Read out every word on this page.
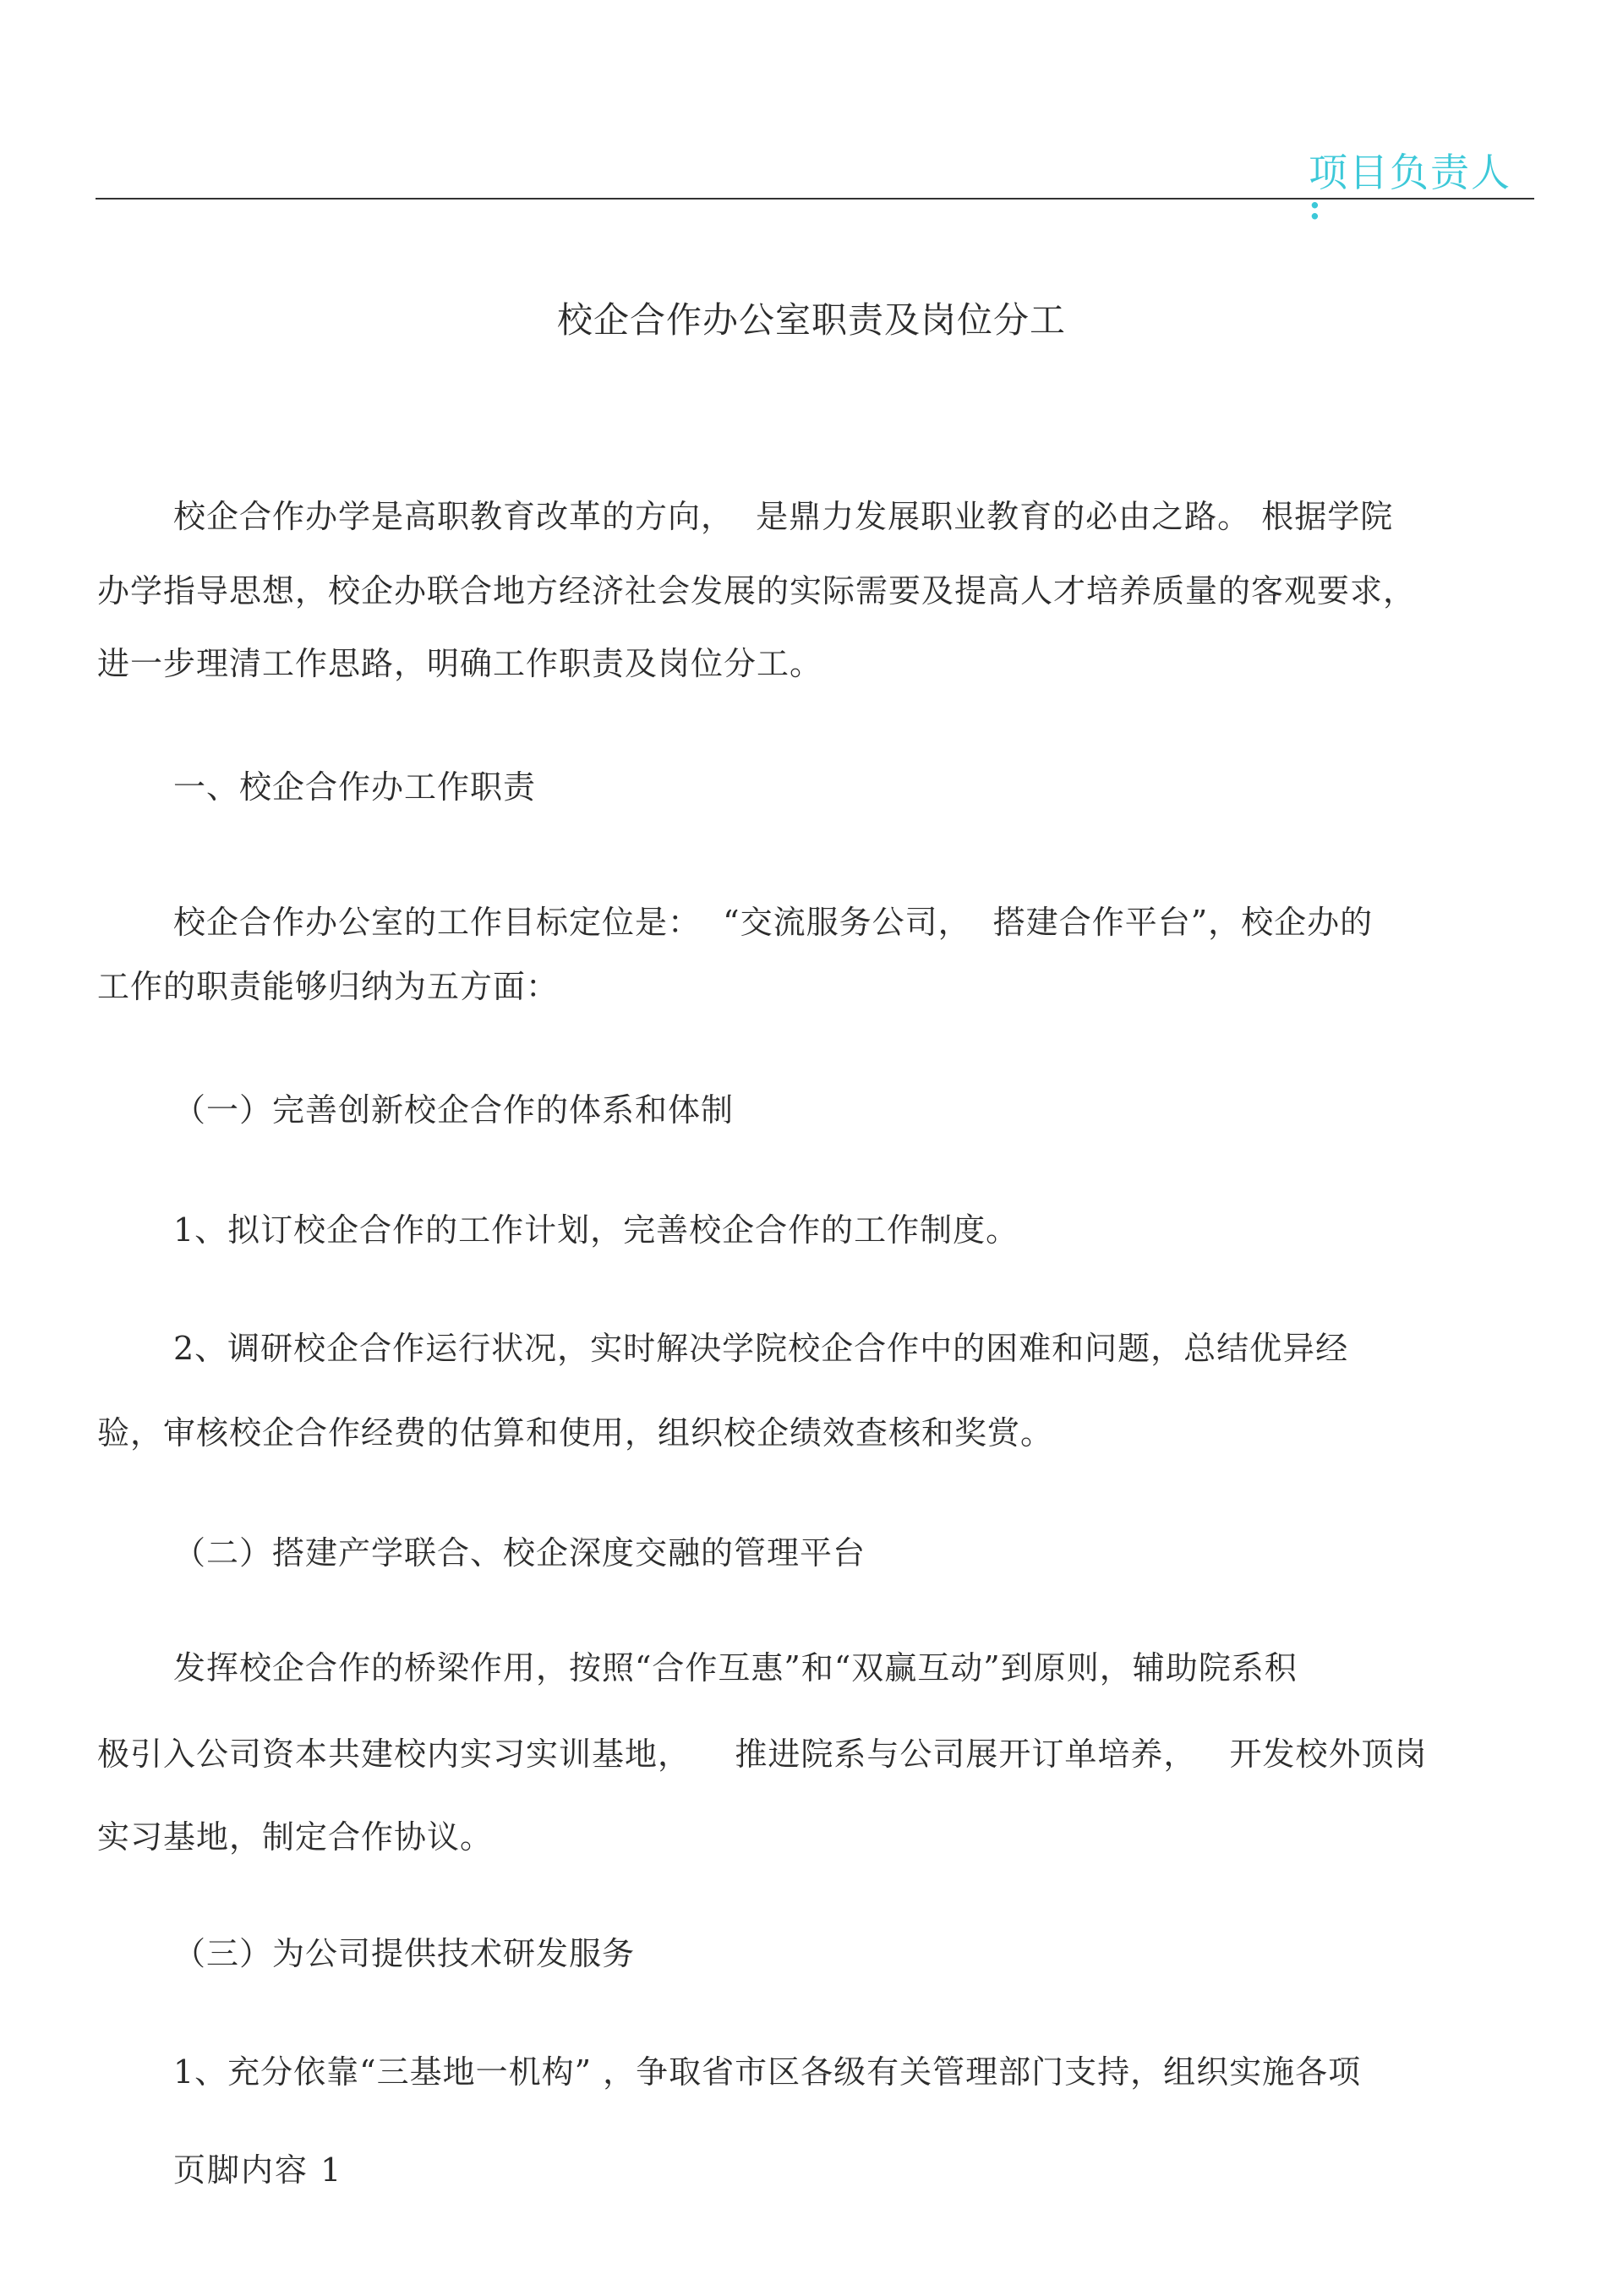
项目负责人
:
校企合作办公室职责及岗位分工
校企合作办学是高职教育改革的方向，  是鼎力发展职业教育的必由之路。 根据学院
办学指导思想，校企办联合地方经济社会发展的实际需要及提高人才培养质量的客观要求，
进一步理清工作思路，明确工作职责及岗位分工。
一、校企合作办工作职责
校企合作办公室的工作目标定位是：  “交流服务公司，  搭建合作平台”，校企办的
工作的职责能够归纳为五方面：
（一）完善创新校企合作的体系和体制
1、拟订校企合作的工作计划，完善校企合作的工作制度。
2、调研校企合作运行状况，实时解决学院校企合作中的困难和问题，总结优异经
验，审核校企合作经费的估算和使用，组织校企绩效查核和奖赏。
（二）搭建产学联合、校企深度交融的管理平台
发挥校企合作的桥梁作用，按照“合作互惠”和“双赢互动”到原则，辅助院系积
极引入公司资本共建校内实习实训基地，    推进院系与公司展开订单培养，   开发校外顶岗
实习基地，制定合作协议。
（三）为公司提供技术研发服务
1、充分依靠“三基地一机构” ，争取省市区各级有关管理部门支持，组织实施各项
页脚内容 1
